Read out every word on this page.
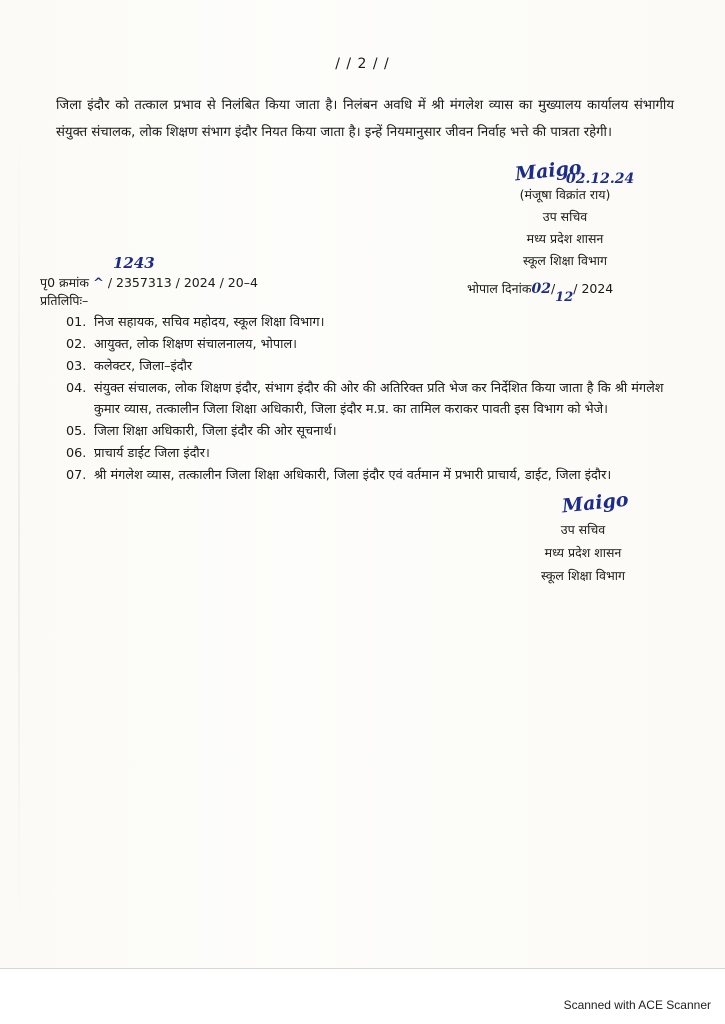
/ / 2 / /

जिला इंदौर को तत्काल प्रभाव से निलंबित किया जाता है। निलंबन अवधि में श्री मंगलेश व्यास का मुख्यालय कार्यालय संभागीय संयुक्त संचालक, लोक शिक्षण संभाग इंदौर नियत किया जाता है। इन्हें नियमानुसार जीवन निर्वाह भत्ते की पात्रता रहेगी।

Maigo
02.12.24
(मंजूषा विक्रांत राय)
उप सचिव
मध्य प्रदेश शासन
स्कूल शिक्षा विभाग
1243
पृ0 क्रमांक ^ / 2357313 / 2024 / 20–4	भोपाल दिनांक02/12/ 2024
प्रतिलिपिः–
01. निज सहायक, सचिव महोदय, स्कूल शिक्षा विभाग।
02. आयुक्त, लोक शिक्षण संचालनालय, भोपाल।
03. कलेक्टर, जिला–इंदौर
04. संयुक्त संचालक, लोक शिक्षण इंदौर, संभाग इंदौर की ओर की अतिरिक्त प्रति भेज कर निर्देशित किया जाता है कि श्री मंगलेश कुमार व्यास, तत्कालीन जिला शिक्षा अधिकारी, जिला इंदौर म.प्र. का तामिल कराकर पावती इस विभाग को भेजे।
05. जिला शिक्षा अधिकारी, जिला इंदौर की ओर सूचनार्थ।
06. प्राचार्य डाईट जिला इंदौर।
07. श्री मंगलेश व्यास, तत्कालीन जिला शिक्षा अधिकारी, जिला इंदौर एवं वर्तमान में प्रभारी प्राचार्य, डाईट, जिला इंदौर।
Maigo
उप सचिव
मध्य प्रदेश शासन
स्कूल शिक्षा विभाग
Scanned with ACE Scanner
